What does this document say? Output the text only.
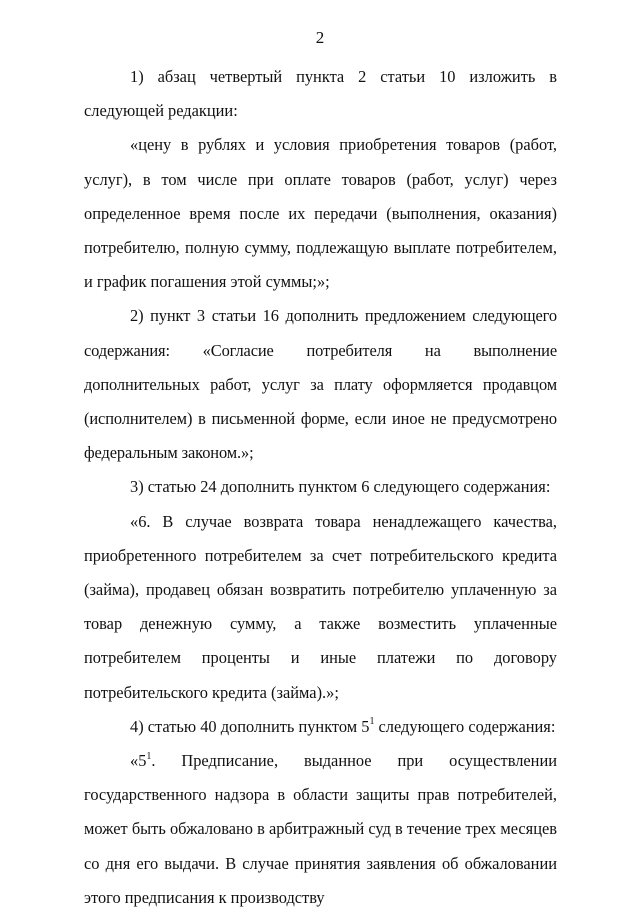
2

1) абзац четвертый пункта 2 статьи 10 изложить в следующей редакции:

«цену в рублях и условия приобретения товаров (работ, услуг), в том числе при оплате товаров (работ, услуг) через определенное время после их передачи (выполнения, оказания) потребителю, полную сумму, подлежащую выплате потребителем, и график погашения этой суммы;»;

2) пункт 3 статьи 16 дополнить предложением следующего содержания: «Согласие потребителя на выполнение дополнительных работ, услуг за плату оформляется продавцом (исполнителем) в письменной форме, если иное не предусмотрено федеральным законом.»;

3) статью 24 дополнить пунктом 6 следующего содержания:

«6. В случае возврата товара ненадлежащего качества, приобретенного потребителем за счет потребительского кредита (займа), продавец обязан возвратить потребителю уплаченную за товар денежную сумму, а также возместить уплаченные потребителем проценты и иные платежи по договору потребительского кредита (займа).»;

4) статью 40 дополнить пунктом $5^1$ следующего содержания:

«$5^1$. Предписание, выданное при осуществлении государственного надзора в области защиты прав потребителей, может быть обжаловано в арбитражный суд в течение трех месяцев со дня его выдачи. В случае принятия заявления об обжаловании этого предписания к производству
